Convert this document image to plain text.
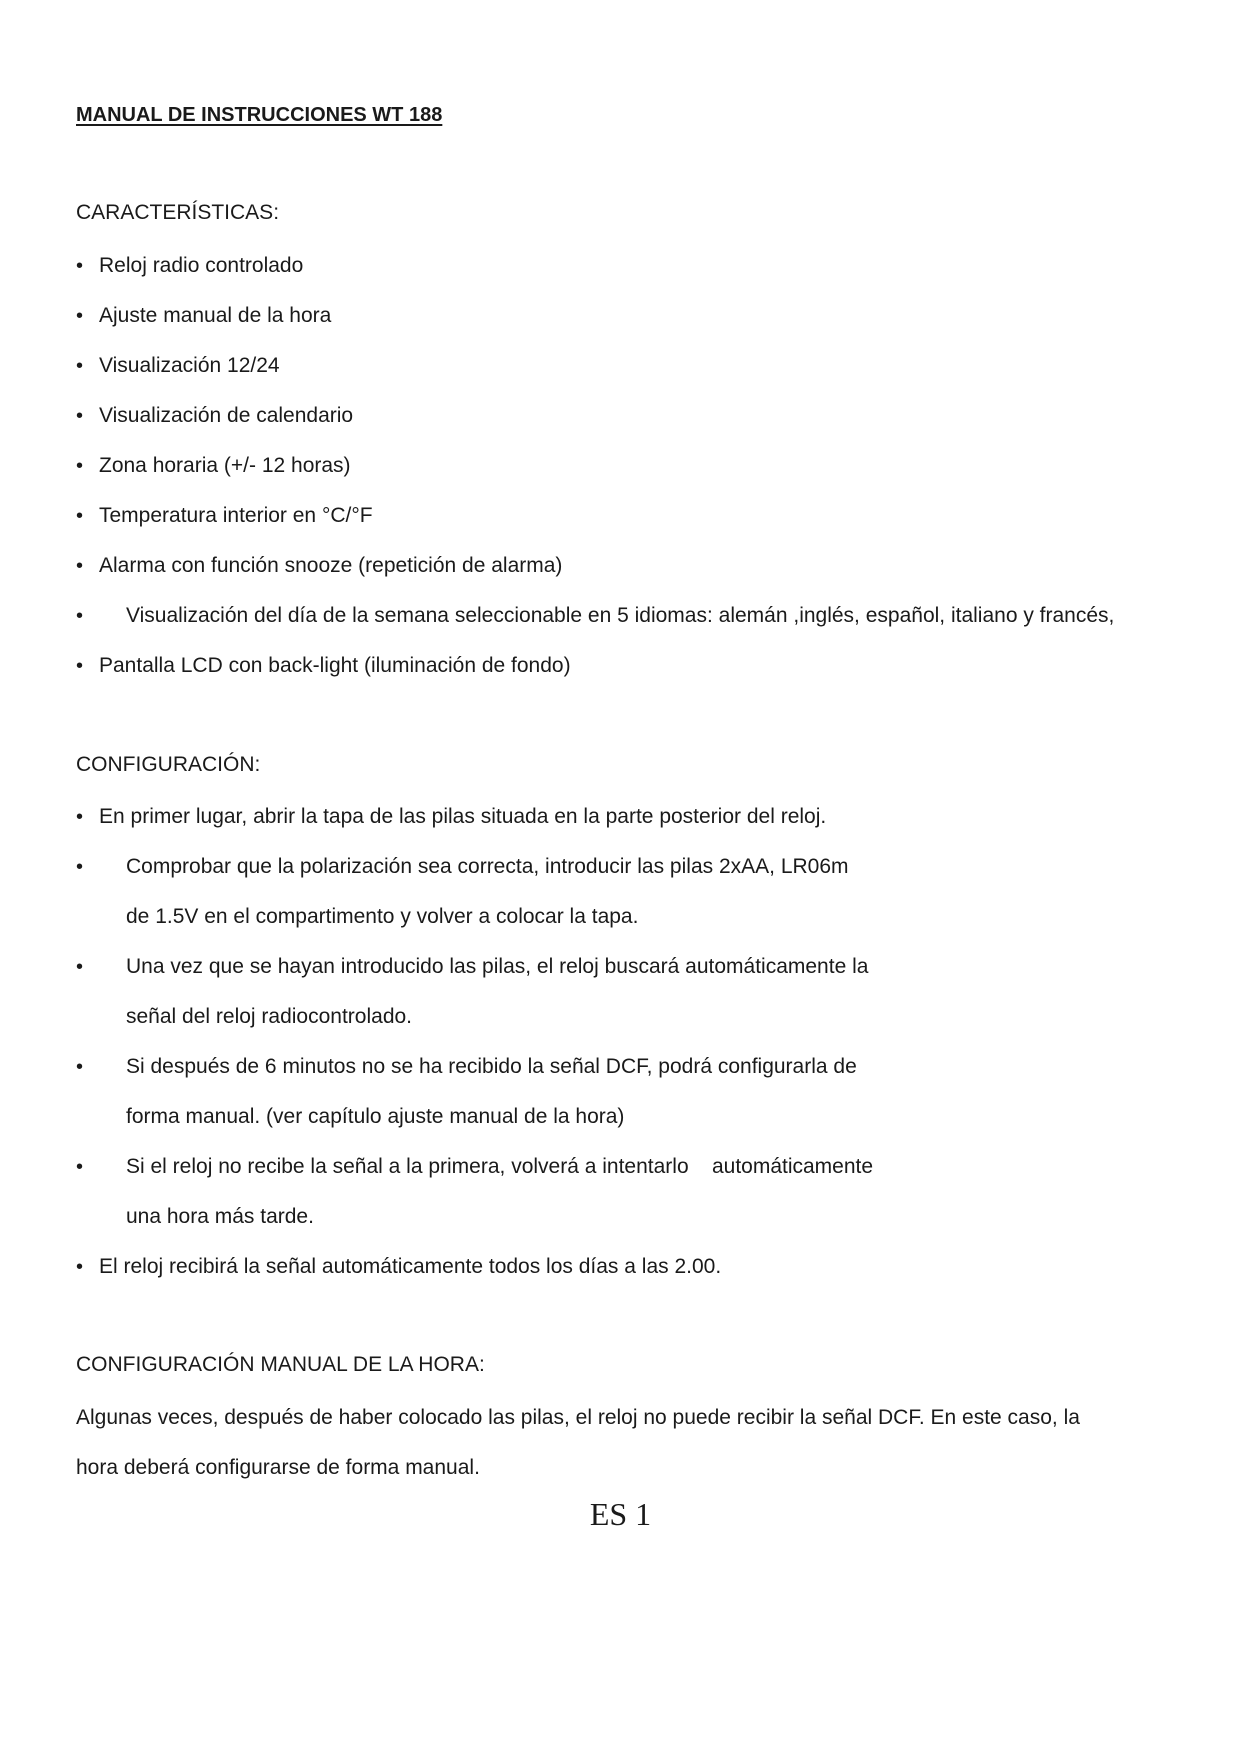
MANUAL DE INSTRUCCIONES WT 188

CARACTERÍSTICAS:

• Reloj radio controlado

• Ajuste manual de la hora

• Visualización 12/24

• Visualización de calendario

• Zona horaria (+/- 12 horas)

• Temperatura interior en °C/°F

• Alarma con función snooze (repetición de alarma)

• Visualización del día de la semana seleccionable en 5 idiomas: alemán ,inglés, español, italiano y francés,

• Pantalla LCD con back-light (iluminación de fondo)

CONFIGURACIÓN:

• En primer lugar, abrir la tapa de las pilas situada en la parte posterior del reloj.

• Comprobar que la polarización sea correcta, introducir las pilas 2xAA, LR06m

de 1.5V en el compartimento y volver a colocar la tapa.

• Una vez que se hayan introducido las pilas, el reloj buscará automáticamente la

señal del reloj radiocontrolado.

• Si después de 6 minutos no se ha recibido la señal DCF, podrá configurarla de

forma manual. (ver capítulo ajuste manual de la hora)

• Si el reloj no recibe la señal a la primera, volverá a intentarlo    automáticamente

una hora más tarde.

• El reloj recibirá la señal automáticamente todos los días a las 2.00.

CONFIGURACIÓN MANUAL DE LA HORA:

Algunas veces, después de haber colocado las pilas, el reloj no puede recibir la señal DCF. En este caso, la

hora deberá configurarse de forma manual.

ES 1
